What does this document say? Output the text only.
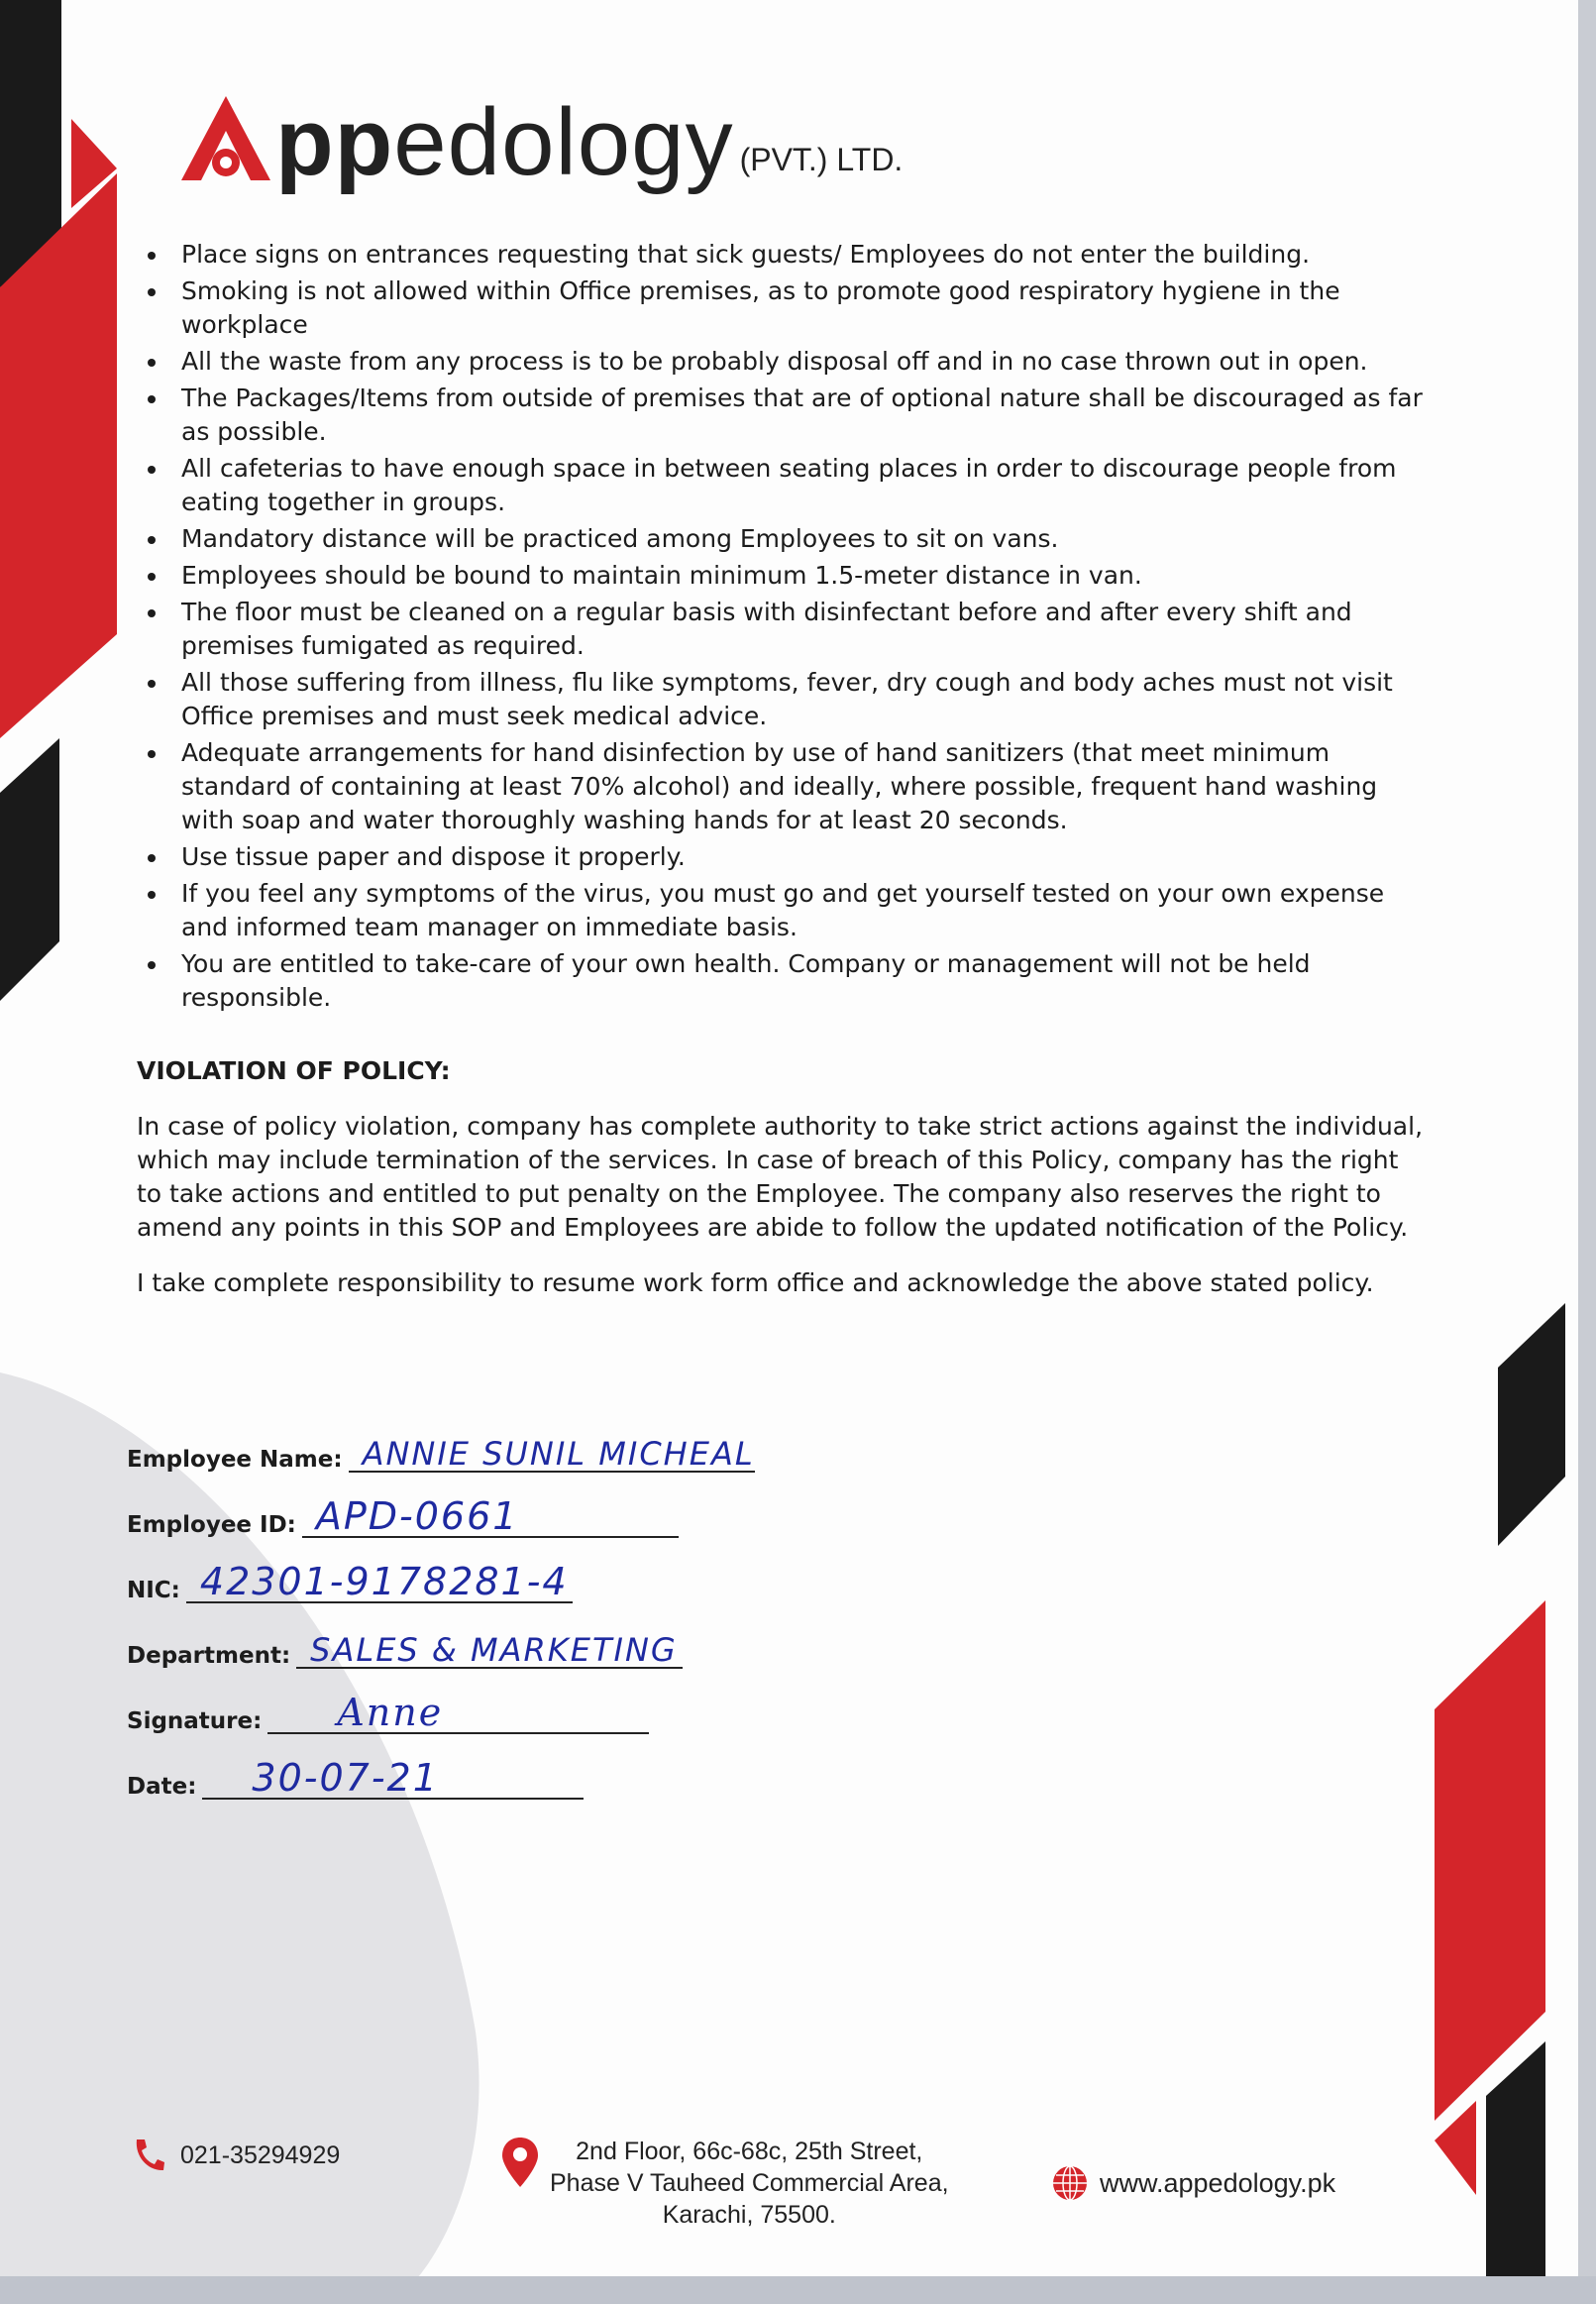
ppedology (PVT.) LTD.
Place signs on entrances requesting that sick guests/ Employees do not enter the building.
Smoking is not allowed within Office premises, as to promote good respiratory hygiene in the workplace
All the waste from any process is to be probably disposal off and in no case thrown out in open.
The Packages/Items from outside of premises that are of optional nature shall be discouraged as far as possible.
All cafeterias to have enough space in between seating places in order to discourage people from eating together in groups.
Mandatory distance will be practiced among Employees to sit on vans.
Employees should be bound to maintain minimum 1.5-meter distance in van.
The floor must be cleaned on a regular basis with disinfectant before and after every shift and premises fumigated as required.
All those suffering from illness, flu like symptoms, fever, dry cough and body aches must not visit Office premises and must seek medical advice.
Adequate arrangements for hand disinfection by use of hand sanitizers (that meet minimum standard of containing at least 70% alcohol) and ideally, where possible, frequent hand washing with soap and water thoroughly washing hands for at least 20 seconds.
Use tissue paper and dispose it properly.
If you feel any symptoms of the virus, you must go and get yourself tested on your own expense and informed team manager on immediate basis.
You are entitled to take-care of your own health. Company or management will not be held responsible.
VIOLATION OF POLICY:

In case of policy violation, company has complete authority to take strict actions against the individual, which may include termination of the services. In case of breach of this Policy, company has the right to take actions and entitled to put penalty on the Employee. The company also reserves the right to amend any points in this SOP and Employees are abide to follow the updated notification of the Policy.

I take complete responsibility to resume work form office and acknowledge the above stated policy.

Employee Name: ANNIE SUNIL MICHEAL
Employee ID: APD-0661
NIC: 42301-9178281-4
Department: SALES & MARKETING
Signature: Anne
Date: 30-07-21
021-35294929	2nd Floor, 66c-68c, 25th Street,
Phase V Tauheed Commercial Area,
Karachi, 75500.
www.appedology.pk
